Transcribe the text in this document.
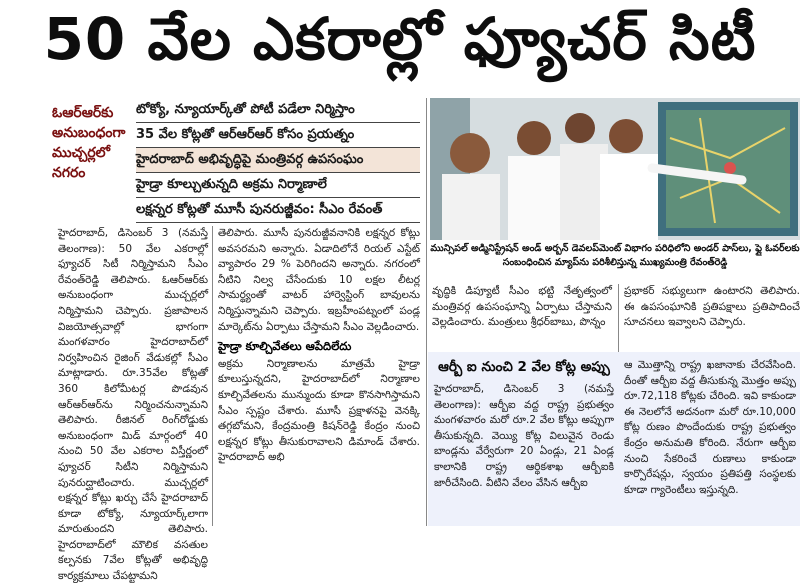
50 వేల ఎకరాల్లో ఫ్యూచర్ సిటీ
ఓఆర్ఆర్‌కు అనుబంధంగా ముచ్చర్లలో నగరం
టోక్యో, న్యూయార్క్‌తో పోటీ పడేలా నిర్మిస్తాం
35 వేల కోట్లతో ఆర్ఆర్ఆర్ కోసం ప్రయత్నం
హైదరాబాద్ అభివృద్ధిపై మంత్రివర్గ ఉపసంఘం
హైడ్రా కూల్చుతున్నది అక్రమ నిర్మాణాలే
లక్షన్నర కోట్లతో మూసీ పునరుజ్జీవం: సీఎం రేవంత్
మున్సిపల్ అడ్మినిస్ట్రేషన్ అండ్ అర్బన్ డెవలప్‌మెంట్ విభాగం పరిధిలోని అండర్ పాస్‌లు, ఫ్లై ఓవర్‌లకు సంబంధించిన మ్యాప్‌ను పరిశీలిస్తున్న ముఖ్యమంత్రి రేవంత్‌రెడ్డి
హైదరాబాద్, డిసెంబర్ 3 (నమస్తే తెలంగాణ): 50 వేల ఎకరాల్లో ఫ్యూచర్ సిటీ నిర్మిస్తామని సీఎం రేవంత్‌రెడ్డి తెలిపారు. ఓఆర్ఆర్‌కు అనుబంధంగా ముచ్చర్లలో నిర్మిస్తామని చెప్పారు. ప్రజాపాలన విజయోత్సవాల్లో భాగంగా మంగళవారం హైదరాబాద్‌లో నిర్వహించిన రైజింగ్ వేడుకల్లో సీఎం మాట్లాడారు. రూ.35వేల కోట్లతో 360 కిలోమీటర్ల పొడవున ఆర్ఆర్ఆర్‌ను నిర్మించనున్నామని తెలిపారు. రీజినల్ రింగ్‌రోడ్డుకు అనుబంధంగా మిడ్ మార్గంలో 40 నుంచి 50 వేల ఎకరాల విస్తీర్ణంలో ఫ్యూచర్ సిటీని నిర్మిస్తామని పునరుద్ఘాటించారు. ముచ్చర్లలో లక్షన్నర కోట్లు ఖర్చు చేసే హైదరాబాద్‌ కూడా టోక్యో, న్యూయార్క్‌లాగా మారుతుందని తెలిపారు. హైదరాబాద్‌లో మౌలిక వసతుల కల్పనకు 7వేల కోట్లతో అభివృద్ధి కార్యక్రమాలు చేపట్టామని
తెలిపారు. మూసీ పునరుజ్జీవనానికి లక్షన్నర కోట్లు అవసరమని అన్నారు. ఏడాదిలోనే రియల్ ఎస్టేట్ వ్యాపారం 29 % పెరిగిందని అన్నారు. నగరంలో నీటిని నిల్వ చేసేందుకు 10 లక్షల లీటర్ల సామర్థ్యంతో వాటర్ హార్వెస్టింగ్ బావులను నిర్మిస్తున్నామని చెప్పారు. ఇబ్రహీంపట్నంలో పండ్ల మార్కెట్‌ను ఏర్పాటు చేస్తామని సీఎం వెల్లడించారు.
హైడ్రా కూల్చివేతలు ఆపేదిలేదు
అక్రమ నిర్మాణాలను మాత్రమే హైడ్రా కూలుస్తున్నదని, హైదరాబాద్‌లో నిర్మాణాల కూల్చివేతలను మున్ముందు కూడా కొనసాగిస్తామని సీఎం స్పష్టం చేశారు. మూసీ ప్రక్షాళనపై వెనక్కి తగ్గబోమని, కేంద్రమంత్రి కిషన్‌రెడ్డి కేంద్రం నుంచి లక్షన్నర కోట్లు తీసుకురావాలని డిమాండ్ చేశారు. హైదరాబాద్ అభి
వృద్ధికి డిప్యూటీ సీఎం భట్టి నేతృత్వంలో మంత్రివర్గ ఉపసంఘాన్ని ఏర్పాటు చేస్తామని వెల్లడించారు. మంత్రులు శ్రీధర్‌బాబు, పొన్నం
ప్రభాకర్ సభ్యులుగా ఉంటారని తెలిపారు. ఈ ఉపసంఘానికి ప్రతిపక్షాలు ప్రతిపాదించే సూచనలు ఇవ్వాలని చెప్పారు.
ఆర్బీ ఐ నుంచి 2 వేల కోట్ల అప్పు
హైదరాబాద్, డిసెంబర్ 3 (నమస్తే తెలంగాణ): ఆర్బీఐ వద్ద రాష్ట్ర ప్రభుత్వం మంగళవారం మరో రూ.2 వేల కోట్లు అప్పుగా తీసుకున్నది. వెయ్యి కోట్ల విలువైన రెండు బాండ్లను వేర్వేరుగా 20 ఏండ్లు, 21 ఏండ్ల కాలానికి రాష్ట్ర ఆర్థికశాఖ ఆర్బీఐకి జారీచేసింది. వీటిని వేలం వేసిన ఆర్బీఐ
ఆ మొత్తాన్ని రాష్ట్ర ఖజానాకు చేరవేసింది. దీంతో ఆర్బీఐ వద్ద తీసుకున్న మొత్తం అప్పు రూ.72,118 కోట్లకు చేరింది. ఇవి కాకుండా ఈ నెలలోనే అదనంగా మరో రూ.10,000 కోట్ల రుణం పొందేందుకు రాష్ట్ర ప్రభుత్వం కేంద్రం అనుమతి కోరింది. నేరుగా ఆర్బీఐ నుంచి సేకరించే రుణాలు కాకుండా కార్పొరేషన్లు, స్వయం ప్రతిపత్తి సంస్థలకు కూడా గ్యారెంటీలు ఇస్తున్నది.
